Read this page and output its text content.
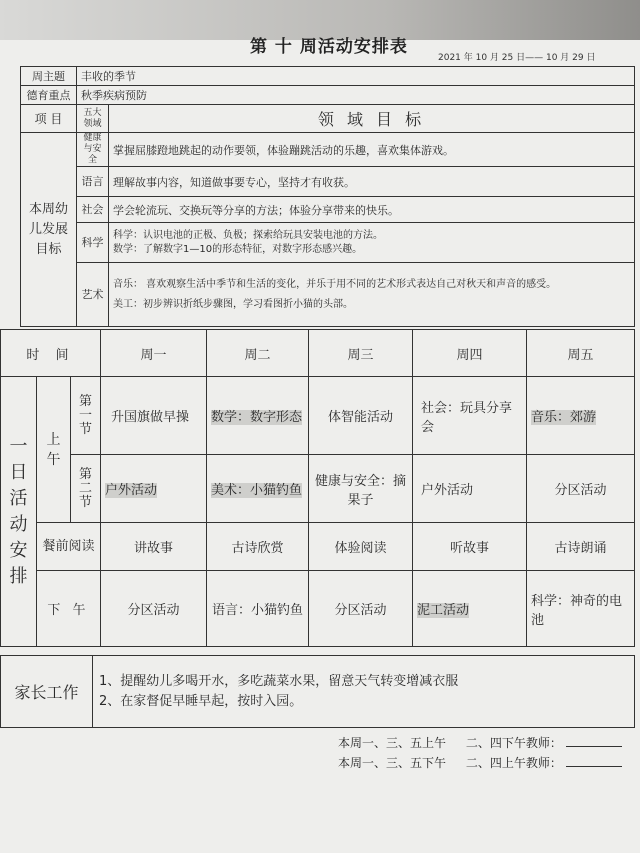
第 十 周活动安排表
2021 年 10 月 25 日—— 10 月 29 日
周主题	丰收的季节	
德育重点	秋季疾病预防	
项 目	五大领域	领 域 目 标
本周幼儿发展目标	健康与安全	掌握屈膝蹬地跳起的动作要领，体验蹦跳活动的乐趣，喜欢集体游戏。
	语言	理解故事内容，知道做事要专心，坚持才有收获。
	社会	学会轮流玩、交换玩等分享的方法；体验分享带来的快乐。
	科学	科学：认识电池的正极、负极；探索给玩具安装电池的方法。
数学：了解数字1—10的形态特征，对数字形态感兴趣。

	艺术	音乐： 喜欢观察生活中季节和生活的变化，并乐于用不同的艺术形式表达自己对秋天和声音的感受。
美工：初步辨识折纸步骤图，学习看图折小猫的头部。
时 间			周一	周二	周三	周四	周五
一日活动安排	上午	第一节	升国旗做早操	数学：数字形态	体智能活动	社会：玩具分享会	音乐：郊游
		第二节	户外活动	美术：小猫钓鱼	健康与安全：摘果子	户外活动	分区活动
	餐前阅读		讲故事	古诗欣赏	体验阅读	听故事	古诗朗诵
	下 午		分区活动	语言：小猫钓鱼	分区活动	泥工活动	科学：神奇的电池
家长工作	
1、提醒幼儿多喝开水，多吃蔬菜水果，留意天气转变增减衣服
2、在家督促早睡早起，按时入园。
本周一、三、五上午 二、四下午教师：
本周一、三、五下午 二、四上午教师：
